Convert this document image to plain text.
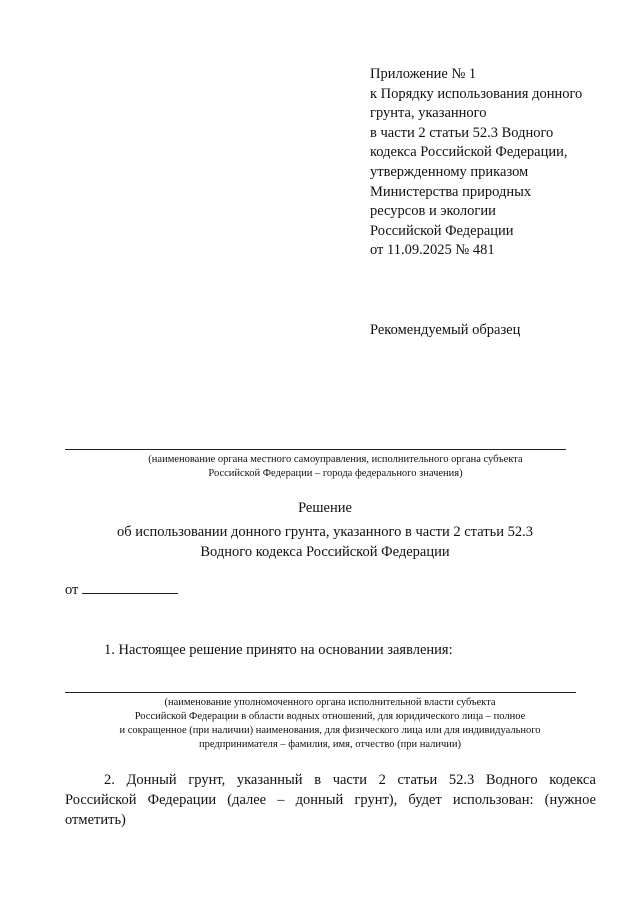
Приложение № 1
к Порядку использования донного
грунта, указанного
в части 2 статьи 52.3 Водного
кодекса Российской Федерации,
утвержденному приказом
Министерства природных
ресурсов и экологии
Российской Федерации
от 11.09.2025 № 481
Рекомендуемый образец
(наименование органа местного самоуправления, исполнительного органа субъекта
Российской Федерации – города федерального значения)
Решение
об использовании донного грунта, указанного в части 2 статьи 52.3
Водного кодекса Российской Федерации
от
1. Настоящее решение принято на основании заявления:
(наименование уполномоченного органа исполнительной власти субъекта
Российской Федерации в области водных отношений, для юридического лица – полное
и сокращенное (при наличии) наименования, для физического лица или для индивидуального
предпринимателя – фамилия, имя, отчество (при наличии)
2. Донный грунт, указанный в части 2 статьи 52.3 Водного кодекса
Российской Федерации (далее – донный грунт), будет использован: (нужное
отметить)
